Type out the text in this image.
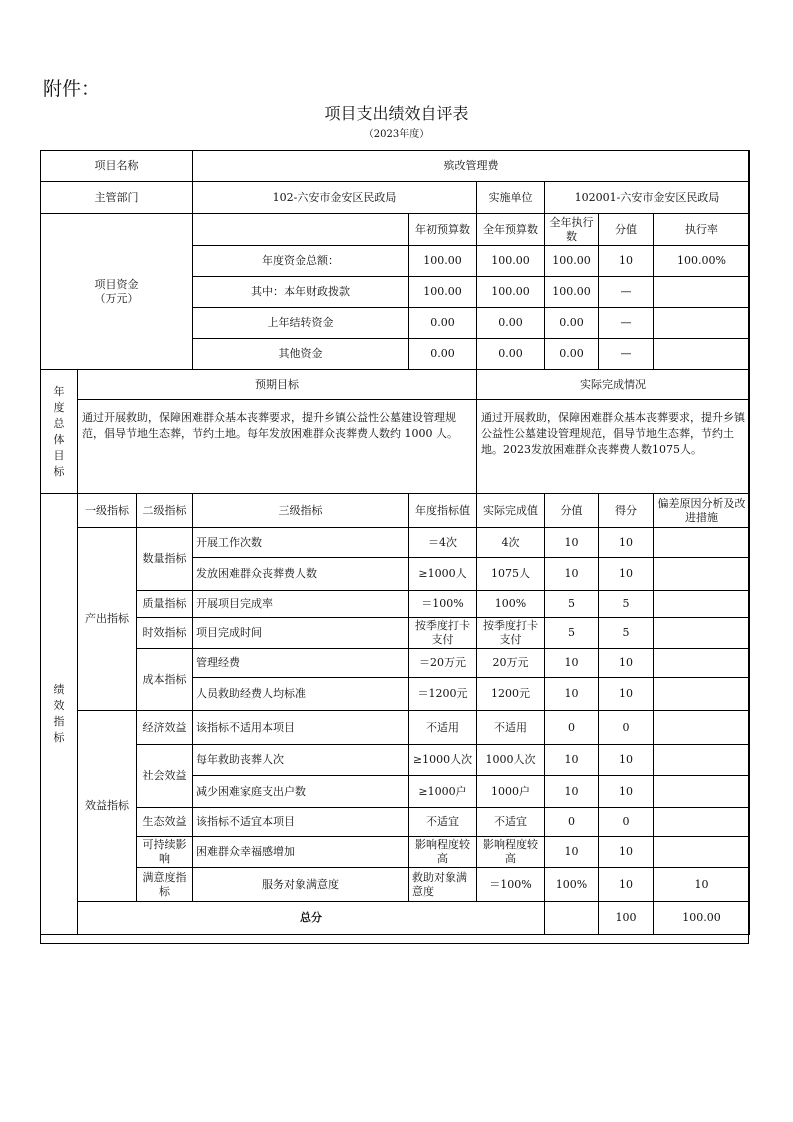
附件：
项目支出绩效自评表
（2023年度）
项目名称			殡改管理费						
主管部门			102-六安市金安区民政局		实施单位	102001-六安市金安区民政局			
项目资金
（万元）				年初预算数	全年预算数	全年执行数	分值	执行率	
			年度资金总额：	100.00	100.00	100.00	10	100.00%	
			其中：本年财政拨款	100.00	100.00	100.00	—		
			上年结转资金	0.00	0.00	0.00	—		
			其他资金	0.00	0.00	0.00	—		
年度总体目标	预期目标				实际完成情况				
	通过开展救助，保障困难群众基本丧葬要求，提升乡镇公益性公墓建设管理规范，倡导节地生态葬，节约土地。每年发放困难群众丧葬费人数约 1000 人。				通过开展救助，保障困难群众基本丧葬要求，提升乡镇公益性公墓建设管理规范，倡导节地生态葬，节约土地。2023发放困难群众丧葬费人数1075人。				
绩效指标	一级指标	二级指标	三级指标	年度指标值	实际完成值	分值	得分	偏差原因分析及改进措施	
	产出指标	数量指标	开展工作次数	＝4次	4次	10	10		
			发放困难群众丧葬费人数	≥1000人	1075人	10	10		
		质量指标	开展项目完成率	＝100%	100%	5	5		
		时效指标	项目完成时间	按季度打卡支付	按季度打卡支付	5	5		
		成本指标	管理经费	＝20万元	20万元	10	10		
			人员救助经费人均标准	＝1200元	1200元	10	10		
	效益指标	经济效益	该指标不适用本项目	不适用	不适用	0	0		
		社会效益	每年救助丧葬人次	≥1000人次	1000人次	10	10		
			减少困难家庭支出户数	≥1000户	1000户	10	10		
		生态效益	该指标不适宜本项目	不适宜	不适宜	0	0		
		可持续影响	困难群众幸福感增加	影响程度较高	影响程度较高	10	10		
		满意度指标	服务对象满意度	救助对象满意度	＝100%	100%	10	10	
	总分						100	100.00	
